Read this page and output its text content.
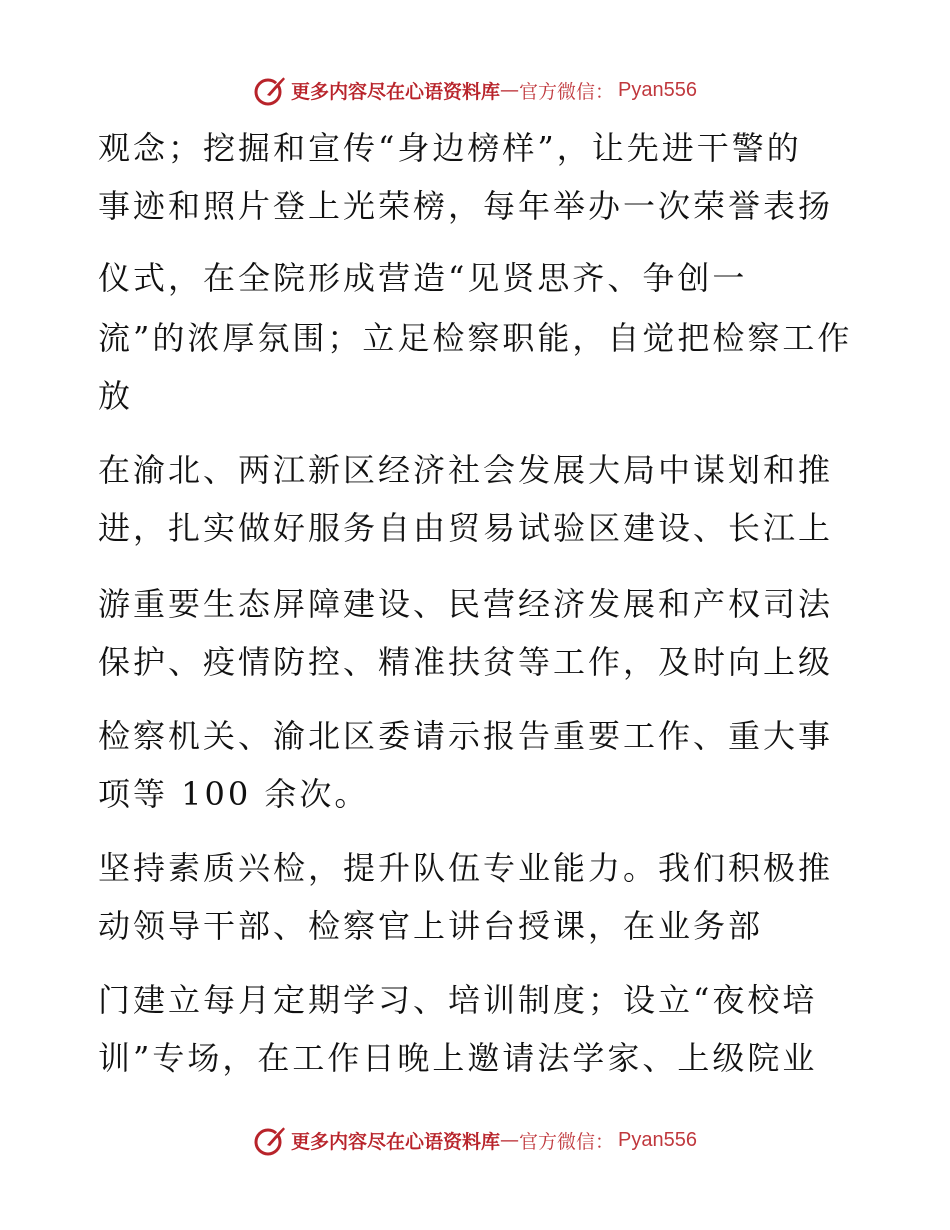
更多内容尽在心语资料库 — 官方微信： Pyan556
观念；挖掘和宣传“身边榜样”，让先进干警的
事迹和照片登上光荣榜，每年举办一次荣誉表扬
仪式，在全院形成营造“见贤思齐、争创一
流”的浓厚氛围；立足检察职能，自觉把检察工作
放
在渝北、两江新区经济社会发展大局中谋划和推
进，扎实做好服务自由贸易试验区建设、长江上
游重要生态屏障建设、民营经济发展和产权司法
保护、疫情防控、精准扶贫等工作，及时向上级
检察机关、渝北区委请示报告重要工作、重大事
项等 100 余次。
坚持素质兴检，提升队伍专业能力。我们积极推
动领导干部、检察官上讲台授课，在业务部
门建立每月定期学习、培训制度；设立“夜校培
训”专场，在工作日晚上邀请法学家、上级院业
更多内容尽在心语资料库 — 官方微信： Pyan556
